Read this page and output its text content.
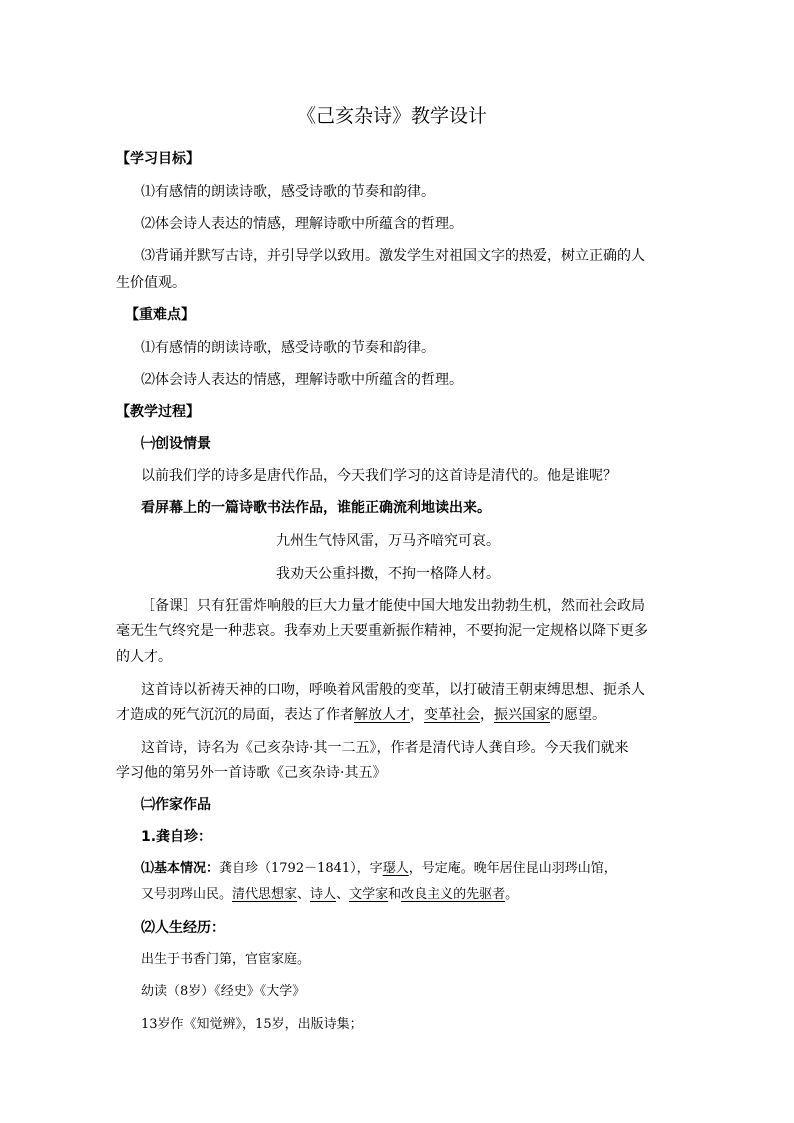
《己亥杂诗》教学设计
【学习目标】
⑴有感情的朗读诗歌，感受诗歌的节奏和韵律。
⑵体会诗人表达的情感，理解诗歌中所蕴含的哲理。
⑶背诵并默写古诗，并引导学以致用。激发学生对祖国文字的热爱，树立正确的人
生价值观。
【重难点】
⑴有感情的朗读诗歌，感受诗歌的节奏和韵律。
⑵体会诗人表达的情感，理解诗歌中所蕴含的哲理。
【教学过程】
㈠创设情景
以前我们学的诗多是唐代作品，今天我们学习的这首诗是清代的。他是谁呢？
看屏幕上的一篇诗歌书法作品，谁能正确流利地读出来。
九州生气恃风雷，万马齐喑究可哀。
我劝天公重抖擞，不拘一格降人材。
［备课］只有狂雷炸响般的巨大力量才能使中国大地发出勃勃生机，然而社会政局
毫无生气终究是一种悲哀。我奉劝上天要重新振作精神，不要拘泥一定规格以降下更多
的人才。
这首诗以祈祷天神的口吻，呼唤着风雷般的变革，以打破清王朝束缚思想、扼杀人
才造成的死气沉沉的局面，表达了作者解放人才，变革社会，振兴国家的愿望。
这首诗，诗名为《己亥杂诗·其一二五》，作者是清代诗人龚自珍。今天我们就来
学习他的第另外一首诗歌《己亥杂诗·其五》
㈡作家作品
1.龚自珍：
⑴基本情况：龚自珍（1792－1841），字璱人，号定庵。晚年居住昆山羽琌山馆，
又号羽琌山民。清代思想家、诗人、文学家和改良主义的先驱者。
⑵人生经历：
出生于书香门第，官宦家庭。
幼读（8岁）《经史》《大学》
13岁作《知觉辨》，15岁，出版诗集；
